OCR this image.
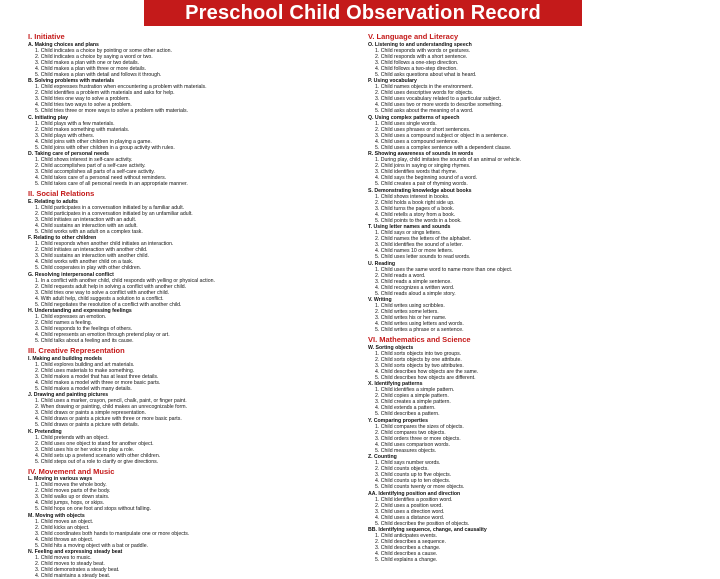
Preschool Child Observation Record
I. Initiative
A. Making choices and plans
1. Child indicates a choice by pointing or some other action.
2. Child indicates a choice by saying a word or two.
3. Child makes a plan with one or two details.
4. Child makes a plan with three or more details.
5. Child makes a plan with detail and follows it through.
B. Solving problems with materials
1. Child expresses frustration when encountering a problem with materials.
2. Child identifies a problem with materials and asks for help.
3. Child tries one way to solve a problem.
4. Child tries two ways to solve a problem.
5. Child tries three or more ways to solve a problem with materials.
C. Initiating play
1. Child plays with a few materials.
2. Child makes something with materials.
3. Child plays with others.
4. Child joins with other children in playing a game.
5. Child joins with other children in a group activity with rules.
D. Taking care of personal needs
1. Child shows interest in self-care activity.
2. Child accomplishes part of a self-care activity.
3. Child accomplishes all parts of a self-care activity.
4. Child takes care of a personal need without reminders.
5. Child takes care of all personal needs in an appropriate manner.
II. Social Relations
E. Relating to adults
1. Child participates in a conversation initiated by a familiar adult.
2. Child participates in a conversation initiated by an unfamiliar adult.
3. Child initiates an interaction with an adult.
4. Child sustains an interaction with an adult.
5. Child works with an adult on a complex task.
F. Relating to other children
1. Child responds when another child initiates an interaction.
2. Child initiates an interaction with another child.
3. Child sustains an interaction with another child.
4. Child works with another child on a task.
5. Child cooperates in play with other children.
G. Resolving interpersonal conflict
1. In a conflict with another child, child responds with yelling or physical action.
2. Child requests adult help in solving a conflict with another child.
3. Child tries one way to solve a conflict with another child.
4. With adult help, child suggests a solution to a conflict.
5. Child negotiates the resolution of a conflict with another child.
H. Understanding and expressing feelings
1. Child expresses an emotion.
2. Child names a feeling.
3. Child responds to the feelings of others.
4. Child represents an emotion through pretend play or art.
5. Child talks about a feeling and its cause.
III. Creative Representation
I. Making and building models
1. Child explores building and art materials.
2. Child uses materials to make something.
3. Child makes a model that has at least three details.
4. Child makes a model with three or more basic parts.
5. Child makes a model with many details.
J. Drawing and painting pictures
1. Child uses a marker, crayon, pencil, chalk, paint, or finger paint.
2. When drawing or painting, child makes an unrecognizable form.
3. Child draws or paints a simple representation.
4. Child draws or paints a picture with three or more basic parts.
5. Child draws or paints a picture with details.
K. Pretending
1. Child pretends with an object.
2. Child uses one object to stand for another object.
3. Child uses his or her voice to play a role.
4. Child sets up a pretend scenario with other children.
5. Child steps out of a role to clarify or give directions.
IV. Movement and Music
L. Moving in various ways
1. Child moves the whole body.
2. Child moves parts of the body.
3. Child walks up or down stairs.
4. Child jumps, hops, or skips.
5. Child hops on one foot and stops without falling.
M. Moving with objects
1. Child moves an object.
2. Child kicks an object.
3. Child coordinates both hands to manipulate one or more objects.
4. Child throws an object.
5. Child hits a moving object with a bat or paddle.
N. Feeling and expressing steady beat
1. Child moves to music.
2. Child moves to steady beat.
3. Child demonstrates a steady beat.
4. Child maintains a steady beat.
V. Language and Literacy
O. Listening to and understanding speech
1. Child responds with words or gestures.
2. Child responds with a short sentence.
3. Child follows a one-step direction.
4. Child follows a two-step direction.
5. Child asks questions about what is heard.
P. Using vocabulary
1. Child names objects in the environment.
2. Child uses descriptive words for objects.
3. Child uses vocabulary related to a particular subject.
4. Child uses two or more words to describe something.
5. Child asks about the meaning of a word.
Q. Using complex patterns of speech
1. Child uses single words.
2. Child uses phrases or short sentences.
3. Child uses a compound subject or object in a sentence.
4. Child uses a compound sentence.
5. Child uses a complex sentence with a dependent clause.
R. Showing awareness of sounds in words
1. During play, child imitates the sounds of an animal or vehicle.
2. Child joins in saying or singing rhymes.
3. Child identifies words that rhyme.
4. Child says the beginning sound of a word.
5. Child creates a pair of rhyming words.
S. Demonstrating knowledge about books
1. Child shows interest in books.
2. Child holds a book right side up.
3. Child turns the pages of a book.
4. Child retells a story from a book.
5. Child points to the words in a book.
T. Using letter names and sounds
1. Child says or sings letters.
2. Child names the letters of the alphabet.
3. Child identifies the sound of a letter.
4. Child names 10 or more letters.
5. Child uses letter sounds to read words.
U. Reading
1. Child uses the same word to name more than one object.
2. Child reads a word.
3. Child reads a simple sentence.
4. Child recognizes a written word.
5. Child reads aloud a simple story.
V. Writing
1. Child writes using scribbles.
2. Child writes some letters.
3. Child writes his or her name.
4. Child writes using letters and words.
5. Child writes a phrase or a sentence.
VI. Mathematics and Science
W. Sorting objects
1. Child sorts objects into two groups.
2. Child sorts objects by one attribute.
3. Child sorts objects by two attributes.
4. Child describes how objects are the same.
5. Child describes how objects are different.
X. Identifying patterns
1. Child identifies a simple pattern.
2. Child copies a simple pattern.
3. Child creates a simple pattern.
4. Child extends a pattern.
5. Child describes a pattern.
Y. Comparing properties
1. Child compares the sizes of objects.
2. Child compares two objects.
3. Child orders three or more objects.
4. Child uses comparison words.
5. Child measures objects.
Z. Counting
1. Child says number words.
2. Child counts objects.
3. Child counts up to five objects.
4. Child counts up to ten objects.
5. Child counts twenty or more objects.
AA. Identifying position and direction
1. Child identifies a position word.
2. Child uses a position word.
3. Child uses a direction word.
4. Child uses a distance word.
5. Child describes the position of objects.
BB. Identifying sequence, change, and causality
1. Child anticipates events.
2. Child describes a sequence.
3. Child describes a change.
4. Child describes a cause.
5. Child explains a change.
